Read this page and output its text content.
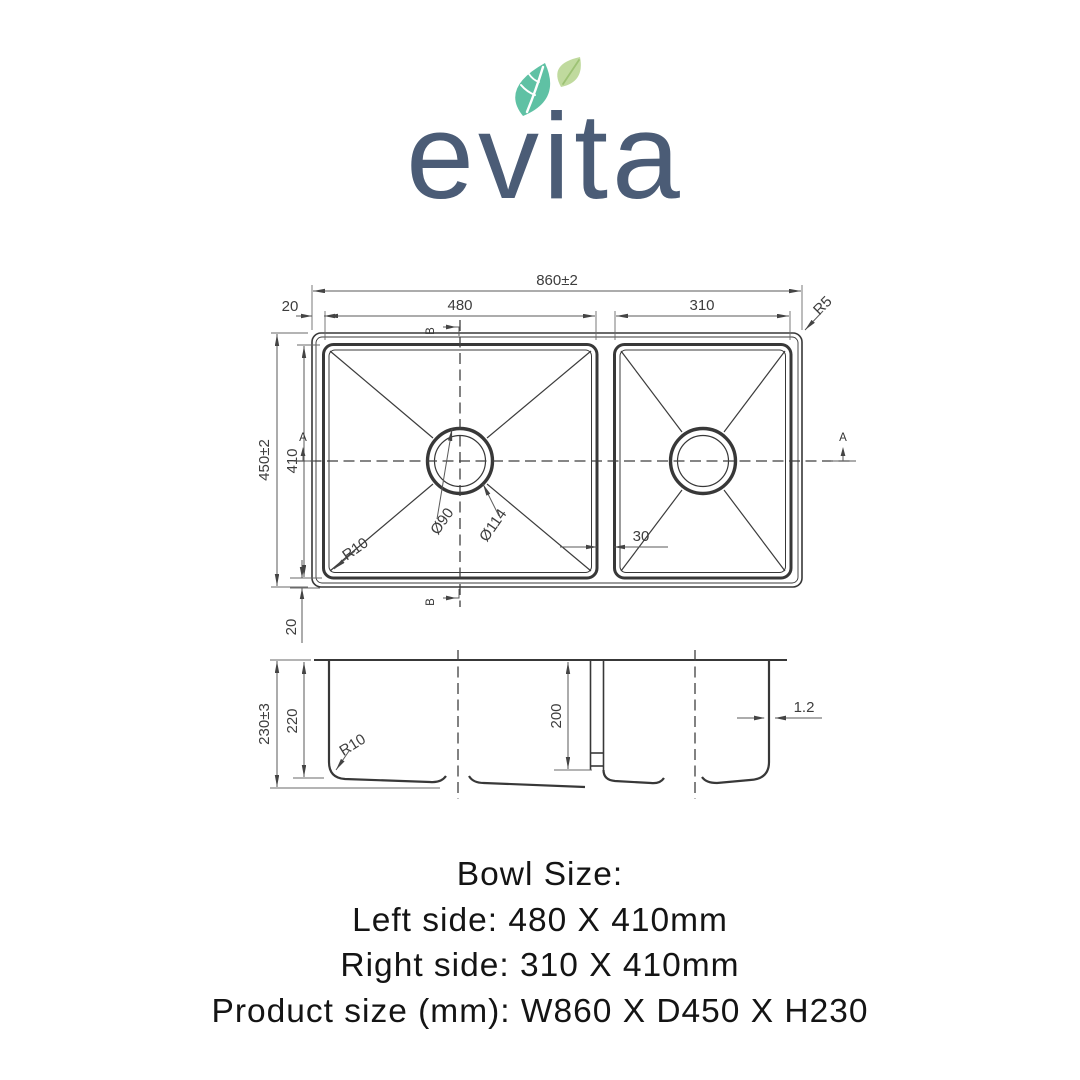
evita
860±2
20	480	310	R5
450±2 410
20
30
Ø90 Ø114
R10
A	A
B
B
230±3 220
R10
200	1.2
Bowl Size:
Left side: 480 X 410mm
Right side: 310 X 410mm
Product size (mm): W860 X D450 X H230
